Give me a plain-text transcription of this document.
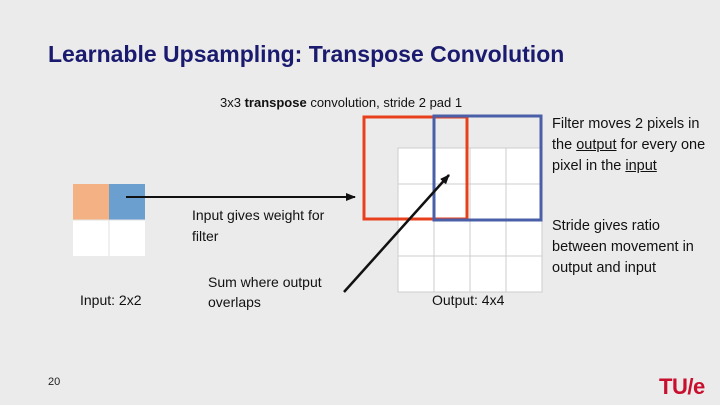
Learnable Upsampling: Transpose Convolution
3x3 transpose convolution, stride 2 pad 1
Input gives weight for filter
Sum where output overlaps
Input: 2x2	Output: 4x4
Filter moves 2 pixels in the output for every one pixel in the input
Stride gives ratio between movement in output and input
20	TU/e
